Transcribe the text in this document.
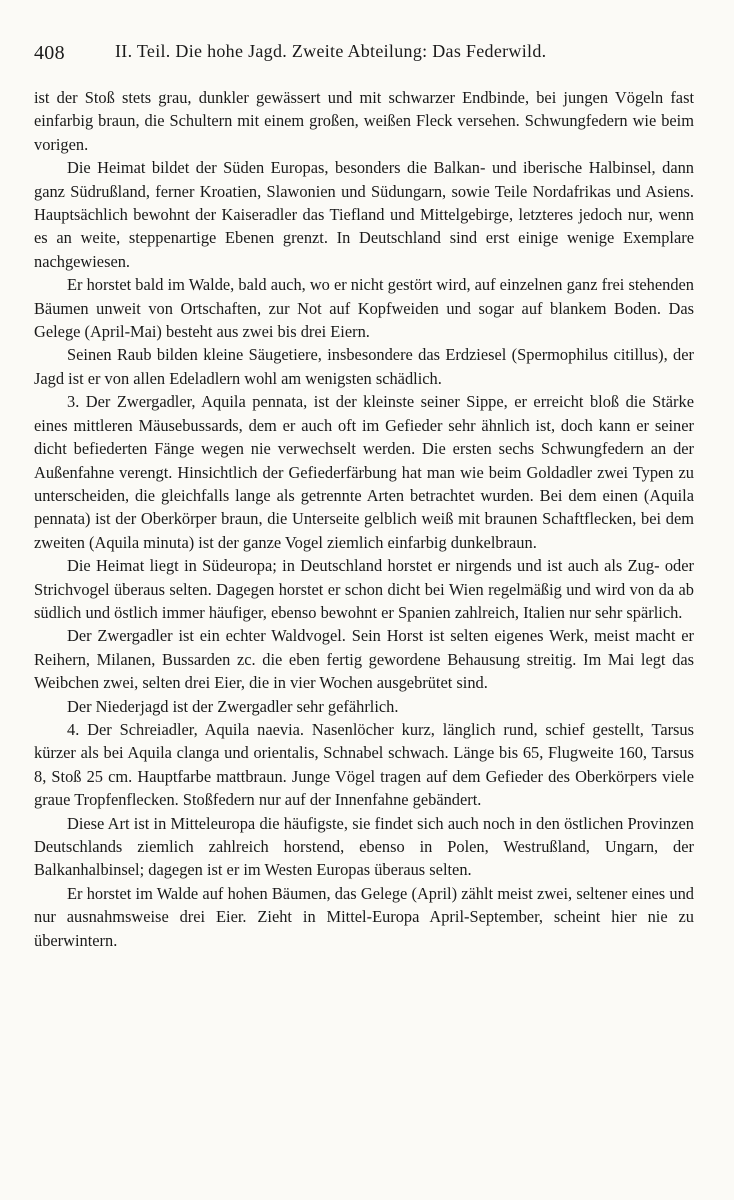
408	II. Teil. Die hohe Jagd. Zweite Abteilung: Das Federwild.

ist der Stoß stets grau, dunkler gewässert und mit schwarzer Endbinde, bei jungen Vögeln fast einfarbig braun, die Schultern mit einem großen, weißen Fleck versehen. Schwungfedern wie beim vorigen.

Die Heimat bildet der Süden Europas, besonders die Balkan- und iberische Halbinsel, dann ganz Südrußland, ferner Kroatien, Slawonien und Südungarn, sowie Teile Nordafrikas und Asiens. Hauptsächlich bewohnt der Kaiseradler das Tiefland und Mittelgebirge, letzteres jedoch nur, wenn es an weite, steppenartige Ebenen grenzt. In Deutschland sind erst einige wenige Exemplare nachgewiesen.

Er horstet bald im Walde, bald auch, wo er nicht gestört wird, auf einzelnen ganz frei stehenden Bäumen unweit von Ortschaften, zur Not auf Kopfweiden und sogar auf blankem Boden. Das Gelege (April-Mai) besteht aus zwei bis drei Eiern.

Seinen Raub bilden kleine Säugetiere, insbesondere das Erdziesel (Spermophilus citillus), der Jagd ist er von allen Edeladlern wohl am wenigsten schädlich.

3. Der Zwergadler, Aquila pennata, ist der kleinste seiner Sippe, er erreicht bloß die Stärke eines mittleren Mäusebussards, dem er auch oft im Gefieder sehr ähnlich ist, doch kann er seiner dicht befiederten Fänge wegen nie verwechselt werden. Die ersten sechs Schwungfedern an der Außenfahne verengt. Hinsichtlich der Gefiederfärbung hat man wie beim Goldadler zwei Typen zu unterscheiden, die gleichfalls lange als getrennte Arten betrachtet wurden. Bei dem einen (Aquila pennata) ist der Oberkörper braun, die Unterseite gelblich weiß mit braunen Schaftflecken, bei dem zweiten (Aquila minuta) ist der ganze Vogel ziemlich einfarbig dunkelbraun.

Die Heimat liegt in Südeuropa; in Deutschland horstet er nirgends und ist auch als Zug- oder Strichvogel überaus selten. Dagegen horstet er schon dicht bei Wien regelmäßig und wird von da ab südlich und östlich immer häufiger, ebenso bewohnt er Spanien zahlreich, Italien nur sehr spärlich.

Der Zwergadler ist ein echter Waldvogel. Sein Horst ist selten eigenes Werk, meist macht er Reihern, Milanen, Bussarden zc. die eben fertig gewordene Behausung streitig. Im Mai legt das Weibchen zwei, selten drei Eier, die in vier Wochen ausgebrütet sind.

Der Niederjagd ist der Zwergadler sehr gefährlich.

4. Der Schreiadler, Aquila naevia. Nasenlöcher kurz, länglich rund, schief gestellt, Tarsus kürzer als bei Aquila clanga und orientalis, Schnabel schwach. Länge bis 65, Flugweite 160, Tarsus 8, Stoß 25 cm. Hauptfarbe mattbraun. Junge Vögel tragen auf dem Gefieder des Oberkörpers viele graue Tropfenflecken. Stoßfedern nur auf der Innenfahne gebändert.

Diese Art ist in Mitteleuropa die häufigste, sie findet sich auch noch in den östlichen Provinzen Deutschlands ziemlich zahlreich horstend, ebenso in Polen, Westrußland, Ungarn, der Balkanhalbinsel; dagegen ist er im Westen Europas überaus selten.

Er horstet im Walde auf hohen Bäumen, das Gelege (April) zählt meist zwei, seltener eines und nur ausnahmsweise drei Eier. Zieht in Mittel-Europa April-September, scheint hier nie zu überwintern.
